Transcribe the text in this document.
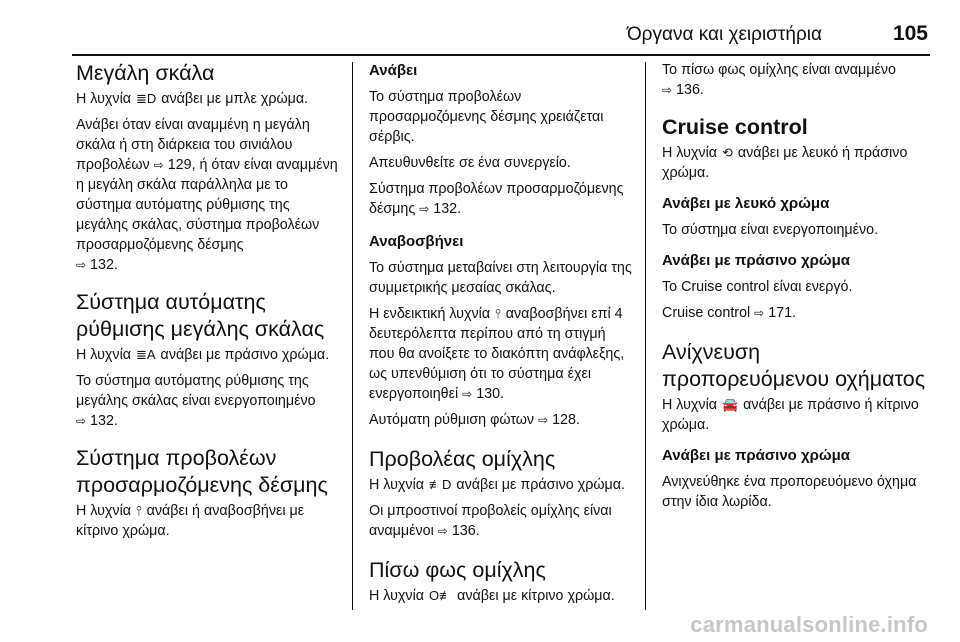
Όργανα και χειριστήρια	105
Μεγάλη σκάλα

Η λυχνία ≣D ανάβει με μπλε χρώμα.

Ανάβει όταν είναι αναμμένη η μεγάλη σκάλα ή στη διάρκεια του σινιάλου προβολέων ⇨ 129, ή όταν είναι αναμμένη η μεγάλη σκάλα παράλληλα με το σύστημα αυτόματης ρύθμισης της μεγάλης σκάλας, σύστημα προβολέων προσαρμοζόμενης δέσμης
⇨ 132.

Σύστημα αυτόματης
ρύθμισης μεγάλης σκάλας

Η λυχνία ≣A ανάβει με πράσινο χρώμα.

Το σύστημα αυτόματης ρύθμισης της μεγάλης σκάλας είναι ενεργοποιημένο ⇨ 132.

Σύστημα προβολέων
προσαρμοζόμενης δέσμης

Η λυχνία ⫯ ανάβει ή αναβοσβήνει με κίτρινο χρώμα.

Ανάβει

Το σύστημα προβολέων προσαρμοζόμενης δέσμης χρειάζεται σέρβις.

Απευθυνθείτε σε ένα συνεργείο.

Σύστημα προβολέων προσαρμοζόμενης δέσμης ⇨ 132.

Αναβοσβήνει

Το σύστημα μεταβαίνει στη λειτουργία της συμμετρικής μεσαίας σκάλας.

Η ενδεικτική λυχνία ⫯ αναβοσβήνει επί 4 δευτερόλεπτα περίπου από τη στιγμή που θα ανοίξετε το διακόπτη ανάφλεξης, ως υπενθύμιση ότι το σύστημα έχει ενεργοποιηθεί ⇨ 130.

Αυτόματη ρύθμιση φώτων ⇨ 128.

Προβολέας ομίχλης

Η λυχνία ≢D ανάβει με πράσινο χρώμα.

Οι μπροστινοί προβολείς ομίχλης είναι αναμμένοι ⇨ 136.

Πίσω φως ομίχλης

Η λυχνία O≢ ανάβει με κίτρινο χρώμα.

Το πίσω φως ομίχλης είναι αναμμένο
⇨ 136.

Cruise control

Η λυχνία ⟲ ανάβει με λευκό ή πράσινο χρώμα.

Ανάβει με λευκό χρώμα

Το σύστημα είναι ενεργοποιημένο.

Ανάβει με πράσινο χρώμα

Το Cruise control είναι ενεργό.

Cruise control ⇨ 171.

Ανίχνευση
προπορευόμενου οχήματος

Η λυχνία 🚘 ανάβει με πράσινο ή κίτρινο χρώμα.

Ανάβει με πράσινο χρώμα

Ανιχνεύθηκε ένα προπορευόμενο όχημα στην ίδια λωρίδα.

carmanualsonline.info
